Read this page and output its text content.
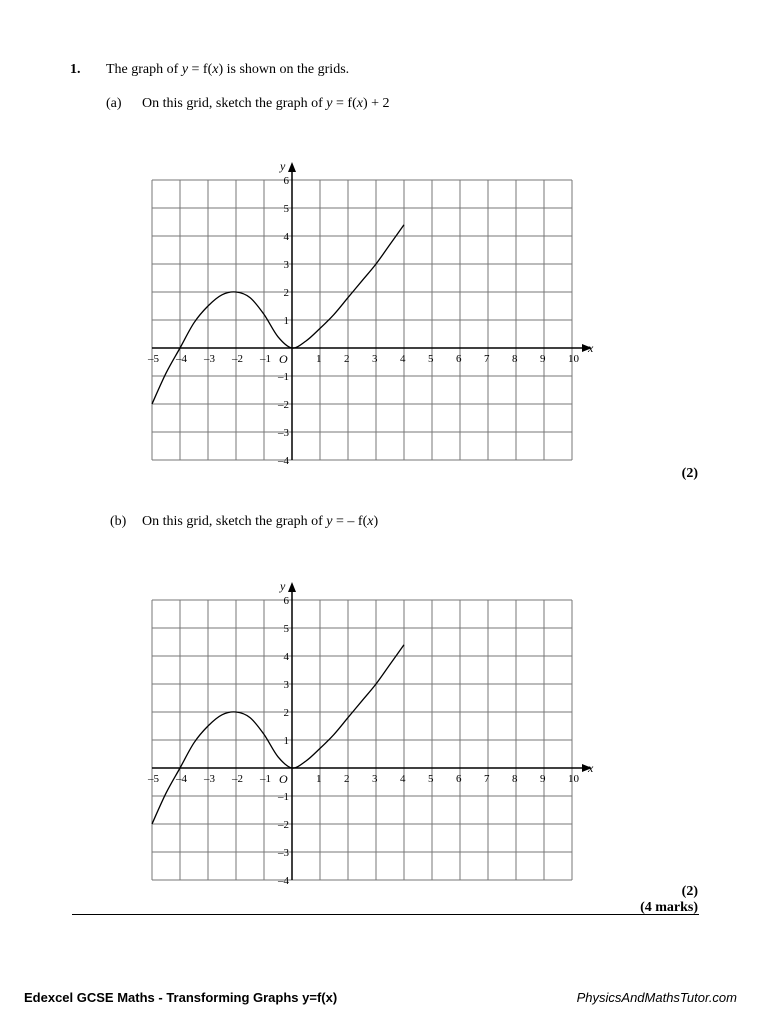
1. The graph of y = f(x) is shown on the grids.
(a) On this grid, sketch the graph of y = f(x) + 2
x
y
O
–5 –4 –3 –2 –1	1 2 3 4 5 6 7 8 9 10
–4
–3
–2
–1
1
2
3
4
5
6
(2)
(b) On this grid, sketch the graph of y = – f(x)
x
y
O
–5 –4 –3 –2 –1	1 2 3 4 5 6 7 8 9 10
–4
–3
–2
–1
1
2
3
4
5
6
(2)
(4 marks)
Edexcel GCSE Maths - Transforming Graphs y=f(x)	PhysicsAndMathsTutor.com
